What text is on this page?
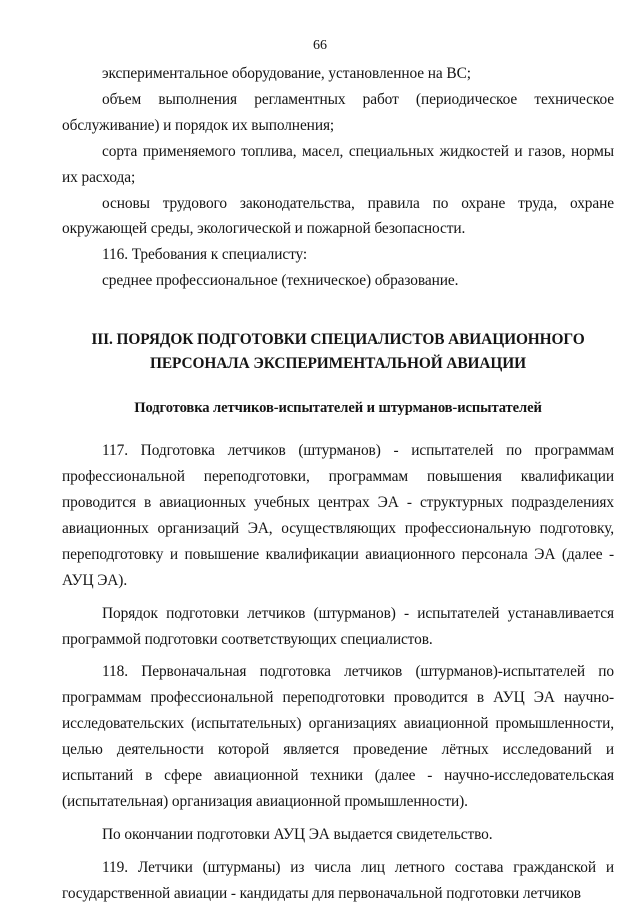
66

экспериментальное оборудование, установленное на ВС;

объем выполнения регламентных работ (периодическое техническое обслуживание) и порядок их выполнения;

сорта применяемого топлива, масел, специальных жидкостей и газов, нормы их расхода;

основы трудового законодательства, правила по охране труда, охране окружающей среды, экологической и пожарной безопасности.

116. Требования к специалисту:

среднее профессиональное (техническое) образование.

III. ПОРЯДОК ПОДГОТОВКИ СПЕЦИАЛИСТОВ АВИАЦИОННОГО

ПЕРСОНАЛА ЭКСПЕРИМЕНТАЛЬНОЙ АВИАЦИИ

Подготовка летчиков-испытателей и штурманов-испытателей

117. Подготовка летчиков (штурманов) - испытателей по программам профессиональной переподготовки, программам повышения квалификации проводится в авиационных учебных центрах ЭА - структурных подразделениях авиационных организаций ЭА, осуществляющих профессиональную подготовку, переподготовку и повышение квалификации авиационного персонала ЭА (далее - АУЦ ЭА).

Порядок подготовки летчиков (штурманов) - испытателей устанавливается программой подготовки соответствующих специалистов.

118. Первоначальная подготовка летчиков (штурманов)-испытателей по программам профессиональной переподготовки проводится в АУЦ ЭА научно-исследовательских (испытательных) организациях авиационной промышленности, целью деятельности которой является проведение лётных исследований и испытаний в сфере авиационной техники (далее - научно-исследовательская (испытательная) организация авиационной промышленности).

По окончании подготовки АУЦ ЭА выдается свидетельство.

119. Летчики (штурманы) из числа лиц летного состава гражданской и государственной авиации - кандидаты для первоначальной подготовки летчиков
